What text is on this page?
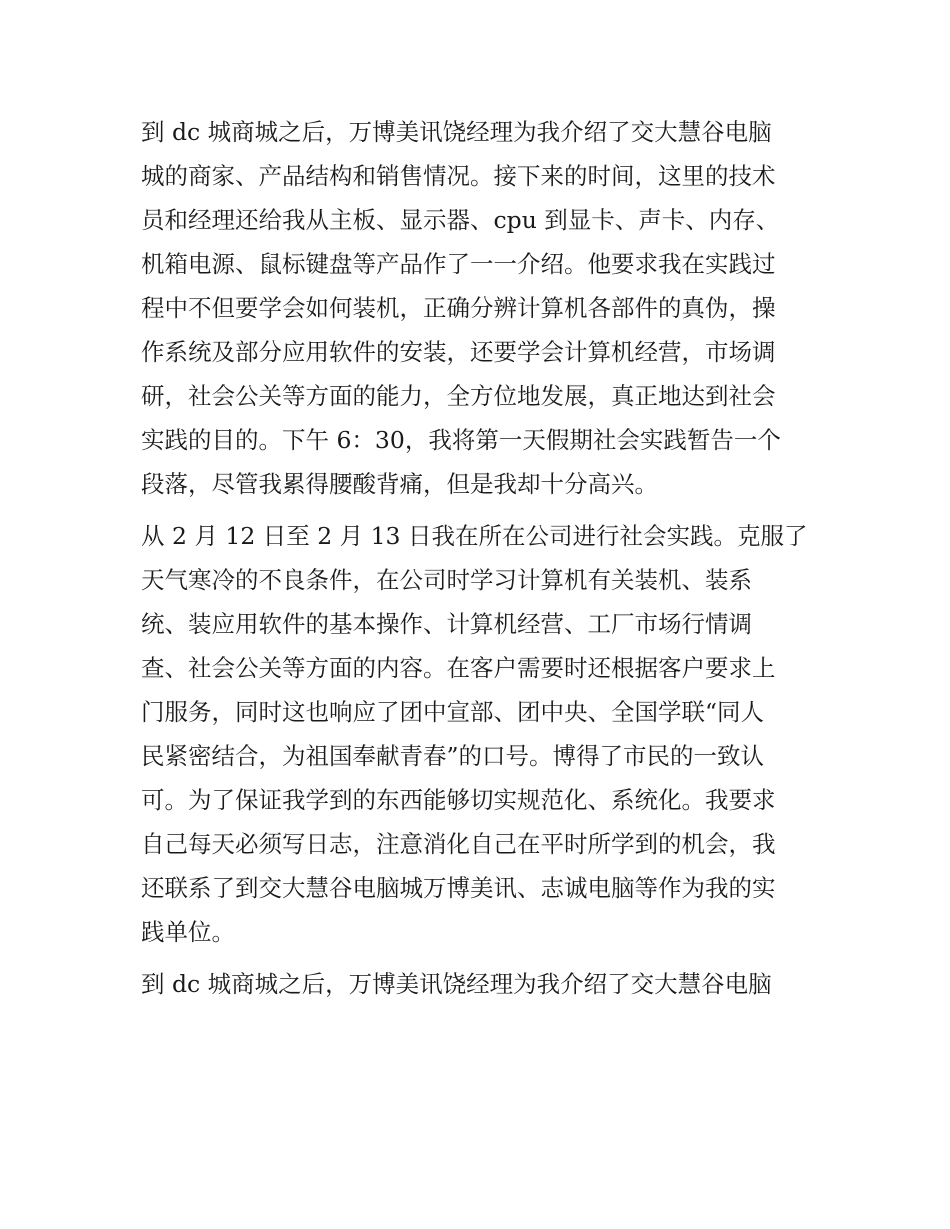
到 dc 城商城之后，万博美讯饶经理为我介绍了交大慧谷电脑
城的商家、产品结构和销售情况。接下来的时间，这里的技术
员和经理还给我从主板、显示器、cpu 到显卡、声卡、内存、
机箱电源、鼠标键盘等产品作了一一介绍。他要求我在实践过
程中不但要学会如何装机，正确分辨计算机各部件的真伪，操
作系统及部分应用软件的安装，还要学会计算机经营，市场调
研，社会公关等方面的能力，全方位地发展，真正地达到社会
实践的目的。下午 6：30，我将第一天假期社会实践暂告一个
段落，尽管我累得腰酸背痛，但是我却十分高兴。
从 2 月 12 日至 2 月 13 日我在所在公司进行社会实践。克服了
天气寒冷的不良条件，在公司时学习计算机有关装机、装系
统、装应用软件的基本操作、计算机经营、工厂市场行情调
查、社会公关等方面的内容。在客户需要时还根据客户要求上
门服务，同时这也响应了团中宣部、团中央、全国学联“同人
民紧密结合，为祖国奉献青春”的口号。博得了市民的一致认
可。为了保证我学到的东西能够切实规范化、系统化。我要求
自己每天必须写日志，注意消化自己在平时所学到的机会，我
还联系了到交大慧谷电脑城万博美讯、志诚电脑等作为我的实
践单位。
到 dc 城商城之后，万博美讯饶经理为我介绍了交大慧谷电脑
